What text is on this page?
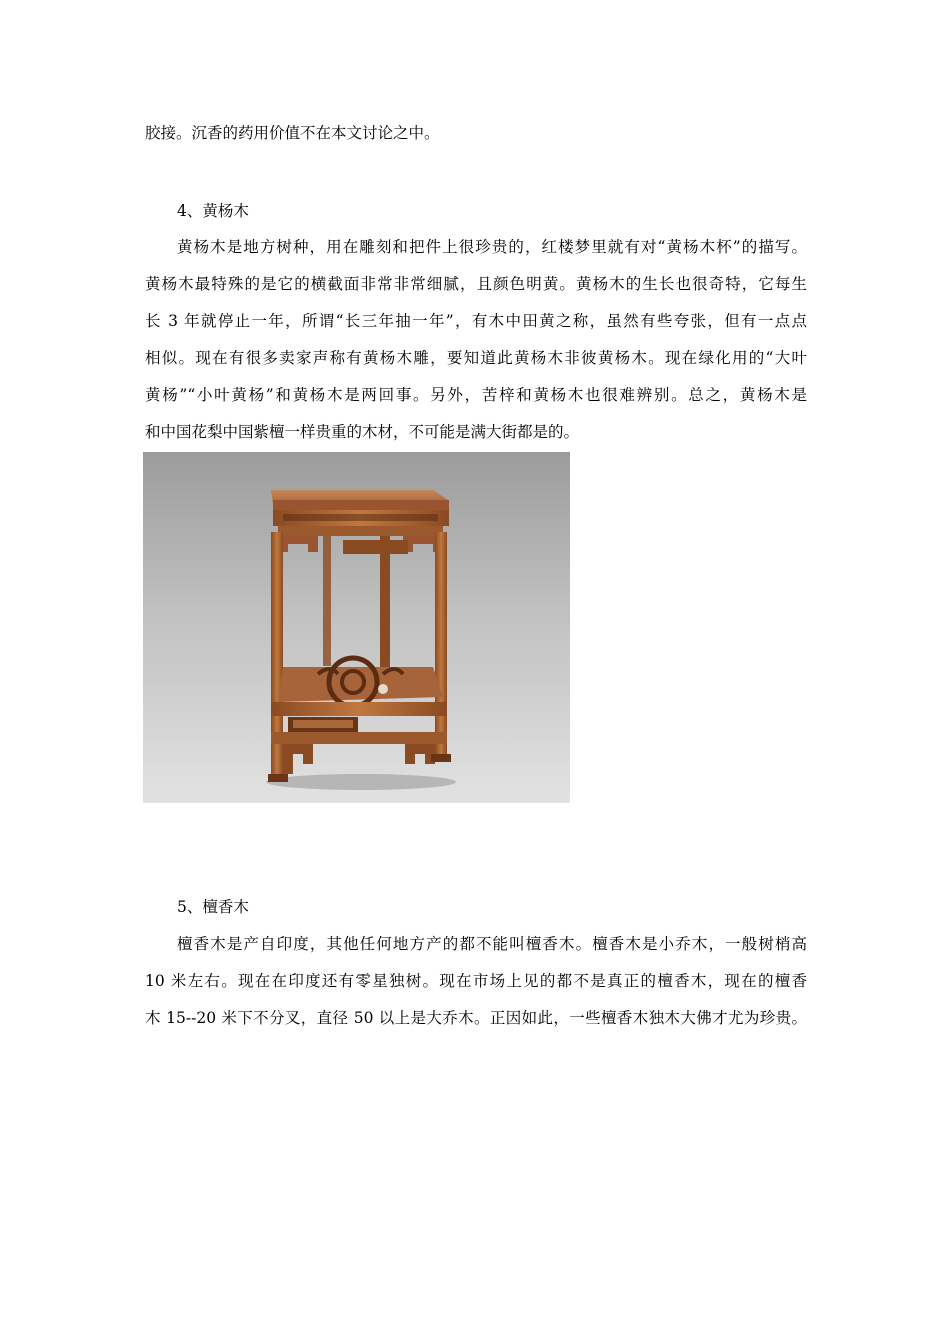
胶接。沉香的药用价值不在本文讨论之中。
4、黄杨木
黄杨木是地方树种，用在雕刻和把件上很珍贵的，红楼梦里就有对“黄杨木杯”的描写。
黄杨木最特殊的是它的横截面非常非常细腻，且颜色明黄。黄杨木的生长也很奇特，它每生
长 3 年就停止一年，所谓“长三年抽一年”，有木中田黄之称，虽然有些夸张，但有一点点
相似。现在有很多卖家声称有黄杨木雕，要知道此黄杨木非彼黄杨木。现在绿化用的“大叶
黄杨”“小叶黄杨”和黄杨木是两回事。另外，苦梓和黄杨木也很难辨别。总之，黄杨木是
和中国花梨中国紫檀一样贵重的木材，不可能是满大街都是的。
5、檀香木
檀香木是产自印度，其他任何地方产的都不能叫檀香木。檀香木是小乔木，一般树梢高
10 米左右。现在在印度还有零星独树。现在市场上见的都不是真正的檀香木，现在的檀香
木 15--20 米下不分叉，直径 50 以上是大乔木。正因如此，一些檀香木独木大佛才尤为珍贵。
